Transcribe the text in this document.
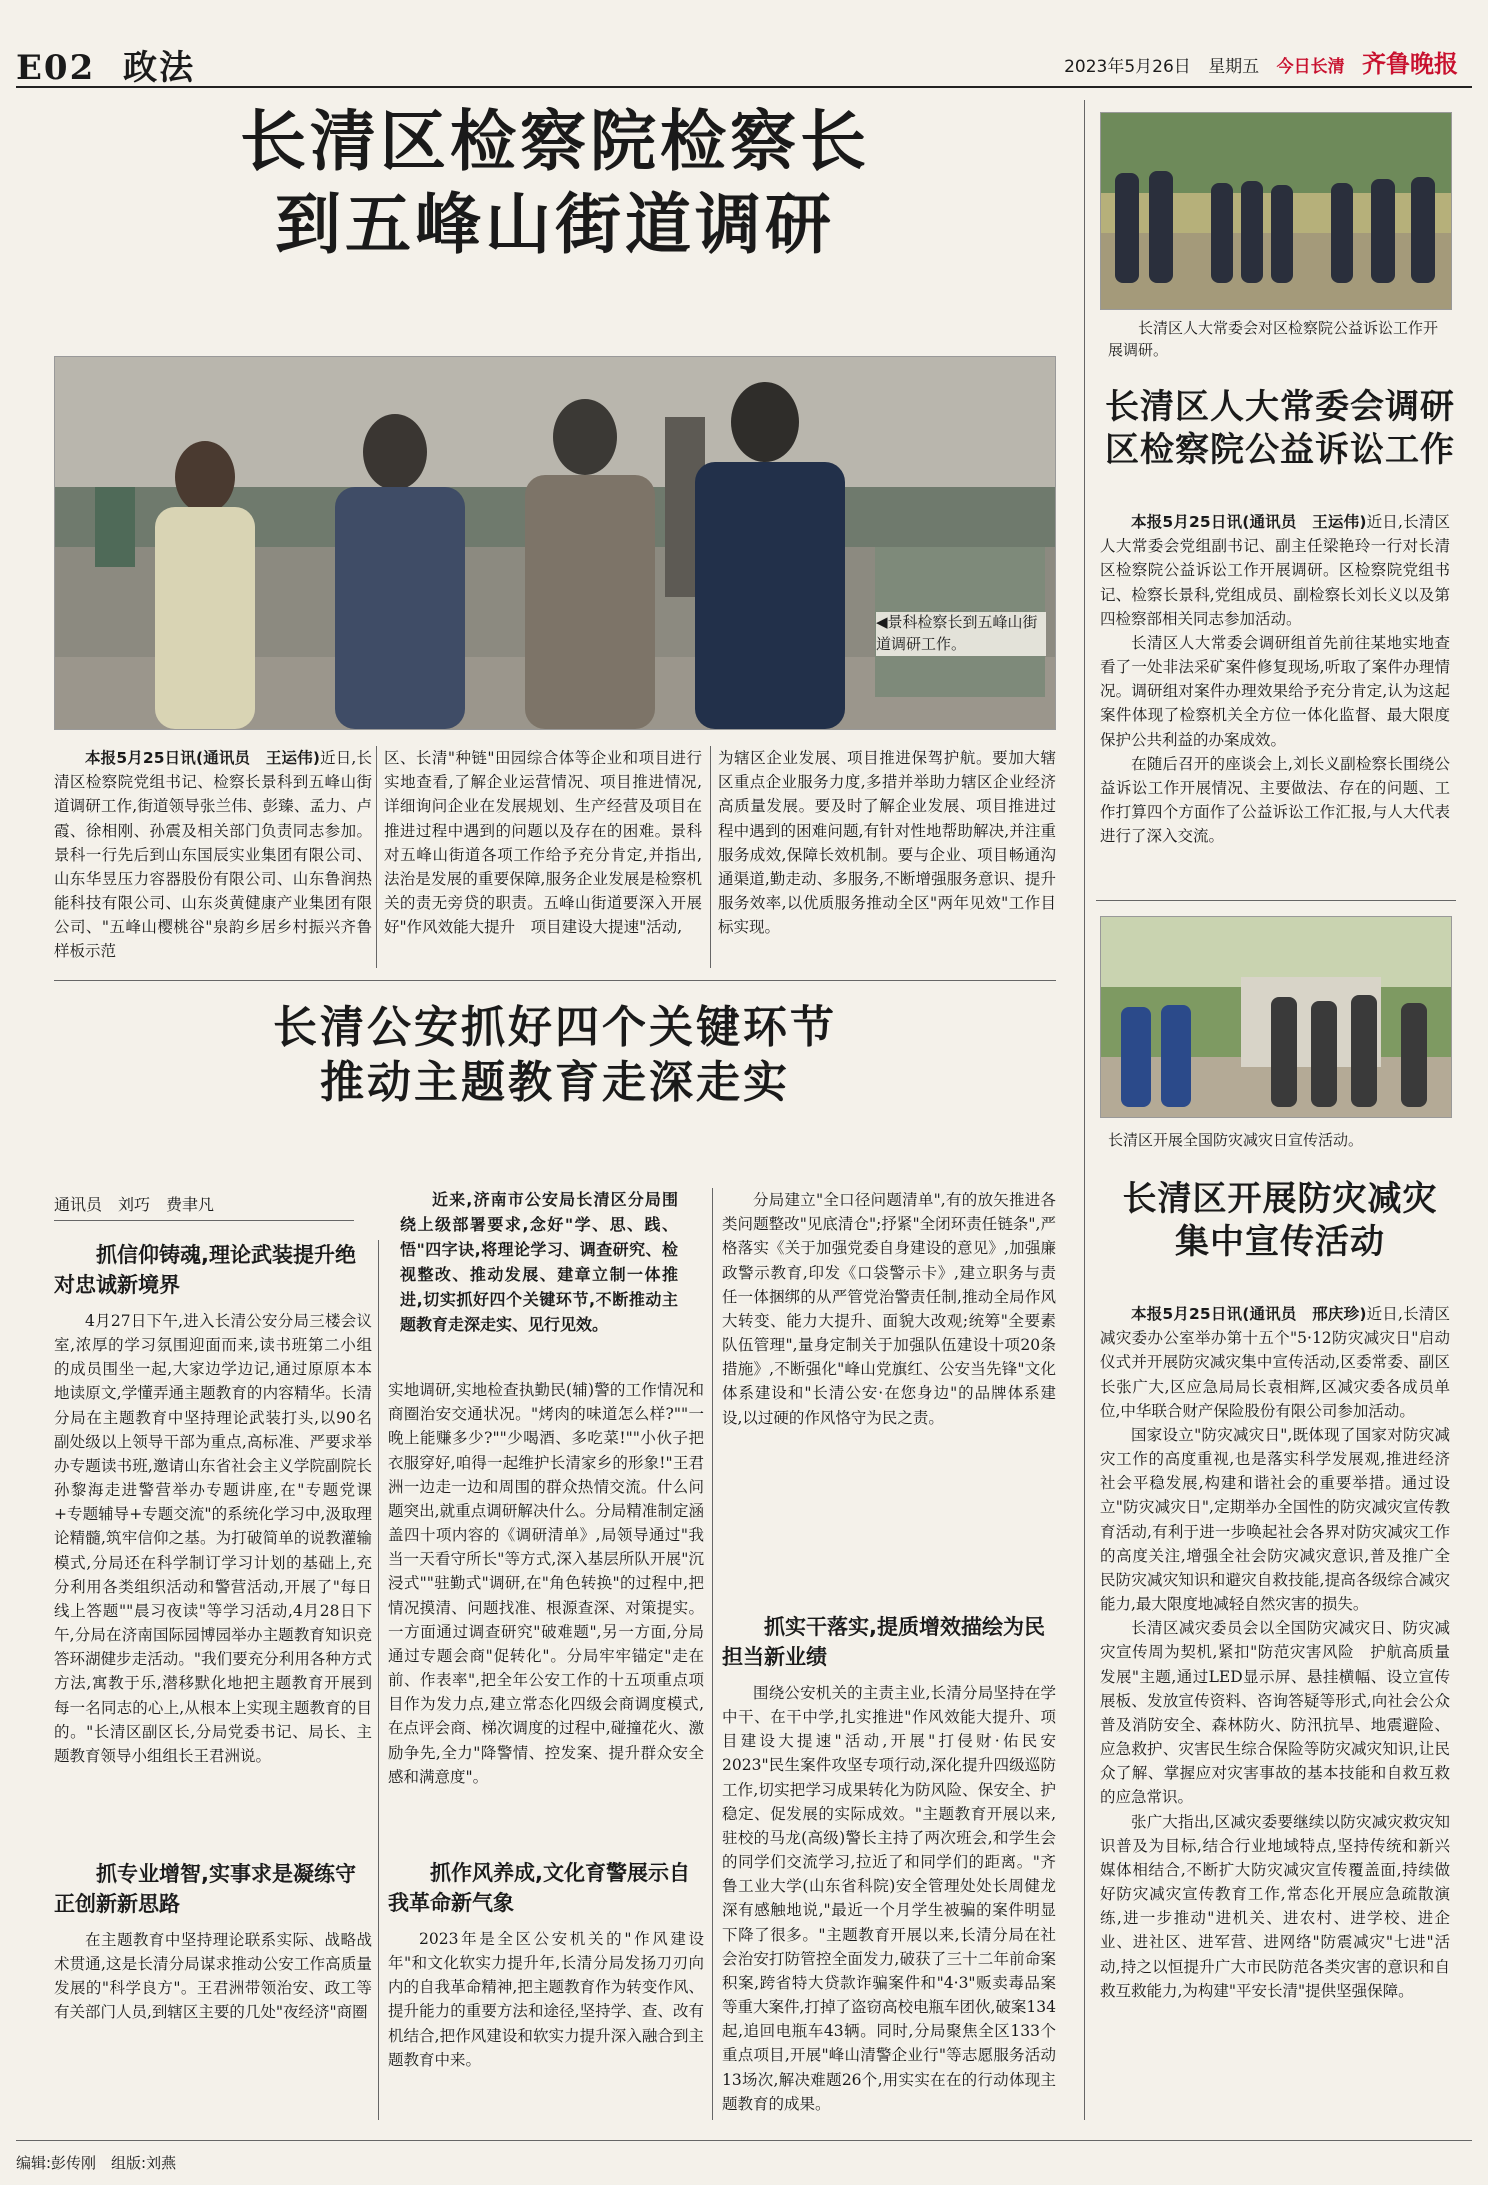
E02 政法	2023年5月26日 星期五 今日长清 齐鲁晚报
长清区检察院检察长
到五峰山街道调研
◀景科检察长到五峰山街道调研工作。

本报5月25日讯(通讯员　王运伟)近日,长清区检察院党组书记、检察长景科到五峰山街道调研工作,街道领导张兰伟、彭臻、孟力、卢霞、徐相刚、孙震及相关部门负责同志参加。景科一行先后到山东国辰实业集团有限公司、山东华昱压力容器股份有限公司、山东鲁润热能科技有限公司、山东炎黄健康产业集团有限公司、"五峰山樱桃谷"泉韵乡居乡村振兴齐鲁样板示范

区、长清"种链"田园综合体等企业和项目进行实地查看,了解企业运营情况、项目推进情况,详细询问企业在发展规划、生产经营及项目在推进过程中遇到的问题以及存在的困难。景科对五峰山街道各项工作给予充分肯定,并指出,法治是发展的重要保障,服务企业发展是检察机关的责无旁贷的职责。五峰山街道要深入开展好"作风效能大提升　项目建设大提速"活动,

为辖区企业发展、项目推进保驾护航。要加大辖区重点企业服务力度,多措并举助力辖区企业经济高质量发展。要及时了解企业发展、项目推进过程中遇到的困难问题,有针对性地帮助解决,并注重服务成效,保障长效机制。要与企业、项目畅通沟通渠道,勤走动、多服务,不断增强服务意识、提升服务效率,以优质服务推动全区"两年见效"工作目标实现。

长清公安抓好四个关键环节
推动主题教育走深走实
通讯员　刘巧　费聿凡	近来,济南市公安局长清区分局围绕上级部署要求,念好"学、思、践、悟"四字诀,将理论学习、调查研究、检视整改、推动发展、建章立制一体推进,切实抓好四个关键环节,不断推动主题教育走深走实、见行见效。
抓信仰铸魂,理论武装提升绝对忠诚新境界

4月27日下午,进入长清公安分局三楼会议室,浓厚的学习氛围迎面而来,读书班第二小组的成员围坐一起,大家边学边记,通过原原本本地读原文,学懂弄通主题教育的内容精华。长清分局在主题教育中坚持理论武装打头,以90名副处级以上领导干部为重点,高标准、严要求举办专题读书班,邀请山东省社会主义学院副院长孙黎海走进警营举办专题讲座,在"专题党课+专题辅导+专题交流"的系统化学习中,汲取理论精髓,筑牢信仰之基。为打破简单的说教灌输模式,分局还在科学制订学习计划的基础上,充分利用各类组织活动和警营活动,开展了"每日线上答题""晨习夜读"等学习活动,4月28日下午,分局在济南国际园博园举办主题教育知识竞答环湖健步走活动。"我们要充分利用各种方式方法,寓教于乐,潜移默化地把主题教育开展到每一名同志的心上,从根本上实现主题教育的目的。"长清区副区长,分局党委书记、局长、主题教育领导小组组长王君洲说。

抓专业增智,实事求是凝练守正创新新思路

在主题教育中坚持理论联系实际、战略战术贯通,这是长清分局谋求推动公安工作高质量发展的"科学良方"。王君洲带领治安、政工等有关部门人员,到辖区主要的几处"夜经济"商圈

实地调研,实地检查执勤民(辅)警的工作情况和商圈治安交通状况。"烤肉的味道怎么样?""一晚上能赚多少?""少喝酒、多吃菜!""小伙子把衣服穿好,咱得一起维护长清家乡的形象!"王君洲一边走一边和周围的群众热情交流。什么问题突出,就重点调研解决什么。分局精准制定涵盖四十项内容的《调研清单》,局领导通过"我当一天看守所长"等方式,深入基层所队开展"沉浸式""驻勤式"调研,在"角色转换"的过程中,把情况摸清、问题找准、根源查深、对策提实。一方面通过调查研究"破难题",另一方面,分局通过专题会商"促转化"。分局牢牢锚定"走在前、作表率",把全年公安工作的十五项重点项目作为发力点,建立常态化四级会商调度模式,在点评会商、梯次调度的过程中,碰撞花火、激励争先,全力"降警情、控发案、提升群众安全感和满意度"。

抓作风养成,文化育警展示自我革命新气象

2023年是全区公安机关的"作风建设年"和文化软实力提升年,长清分局发扬刀刃向内的自我革命精神,把主题教育作为转变作风、提升能力的重要方法和途径,坚持学、查、改有机结合,把作风建设和软实力提升深入融合到主题教育中来。

分局建立"全口径问题清单",有的放矢推进各类问题整改"见底清仓";抒紧"全闭环责任链条",严格落实《关于加强党委自身建设的意见》,加强廉政警示教育,印发《口袋警示卡》,建立职务与责任一体捆绑的从严管党治警责任制,推动全局作风大转变、能力大提升、面貌大改观;统筹"全要素队伍管理",量身定制关于加强队伍建设十项20条措施》,不断强化"峰山党旗红、公安当先锋"文化体系建设和"长清公安·在您身边"的品牌体系建设,以过硬的作风恪守为民之责。

抓实干落实,提质增效描绘为民担当新业绩

围绕公安机关的主责主业,长清分局坚持在学中干、在干中学,扎实推进"作风效能大提升、项目建设大提速"活动,开展"打侵财·佑民安2023"民生案件攻坚专项行动,深化提升四级巡防工作,切实把学习成果转化为防风险、保安全、护稳定、促发展的实际成效。"主题教育开展以来,驻校的马龙(高级)警长主持了两次班会,和学生会的同学们交流学习,拉近了和同学们的距离。"齐鲁工业大学(山东省科院)安全管理处处长周健龙深有感触地说,"最近一个月学生被骗的案件明显下降了很多。"主题教育开展以来,长清分局在社会治安打防管控全面发力,破获了三十二年前命案积案,跨省特大贷款诈骗案件和"4·3"贩卖毒品案等重大案件,打掉了盗窃高校电瓶车团伙,破案134起,追回电瓶车43辆。同时,分局聚焦全区133个重点项目,开展"峰山清警企业行"等志愿服务活动13场次,解决难题26个,用实实在在的行动体现主题教育的成果。

长清区人大常委会对区检察院公益诉讼工作开展调研。
长清区人大常委会调研
区检察院公益诉讼工作

本报5月25日讯(通讯员　王运伟)近日,长清区人大常委会党组副书记、副主任梁艳玲一行对长清区检察院公益诉讼工作开展调研。区检察院党组书记、检察长景科,党组成员、副检察长刘长义以及第四检察部相关同志参加活动。

长清区人大常委会调研组首先前往某地实地查看了一处非法采矿案件修复现场,听取了案件办理情况。调研组对案件办理效果给予充分肯定,认为这起案件体现了检察机关全方位一体化监督、最大限度保护公共利益的办案成效。

在随后召开的座谈会上,刘长义副检察长围绕公益诉讼工作开展情况、主要做法、存在的问题、工作打算四个方面作了公益诉讼工作汇报,与人大代表进行了深入交流。

长清区开展全国防灾减灾日宣传活动。
长清区开展防灾减灾
集中宣传活动

本报5月25日讯(通讯员　邢庆珍)近日,长清区减灾委办公室举办第十五个"5·12防灾减灾日"启动仪式并开展防灾减灾集中宣传活动,区委常委、副区长张广大,区应急局局长袁相辉,区减灾委各成员单位,中华联合财产保险股份有限公司参加活动。

国家设立"防灾减灾日",既体现了国家对防灾减灾工作的高度重视,也是落实科学发展观,推进经济社会平稳发展,构建和谐社会的重要举措。通过设立"防灾减灾日",定期举办全国性的防灾减灾宣传教育活动,有利于进一步唤起社会各界对防灾减灾工作的高度关注,增强全社会防灾减灾意识,普及推广全民防灾减灾知识和避灾自救技能,提高各级综合减灾能力,最大限度地减轻自然灾害的损失。

长清区减灾委员会以全国防灾减灾日、防灾减灾宣传周为契机,紧扣"防范灾害风险　护航高质量发展"主题,通过LED显示屏、悬挂横幅、设立宣传展板、发放宣传资料、咨询答疑等形式,向社会公众普及消防安全、森林防火、防汛抗旱、地震避险、应急救护、灾害民生综合保险等防灾减灾知识,让民众了解、掌握应对灾害事故的基本技能和自救互救的应急常识。

张广大指出,区减灾委要继续以防灾减灾救灾知识普及为目标,结合行业地域特点,坚持传统和新兴媒体相结合,不断扩大防灾减灾宣传覆盖面,持续做好防灾减灾宣传教育工作,常态化开展应急疏散演练,进一步推动"进机关、进农村、进学校、进企业、进社区、进军营、进网络"防震减灾"七进"活动,持之以恒提升广大市民防范各类灾害的意识和自救互救能力,为构建"平安长清"提供坚强保障。

编辑:彭传刚　组版:刘燕
